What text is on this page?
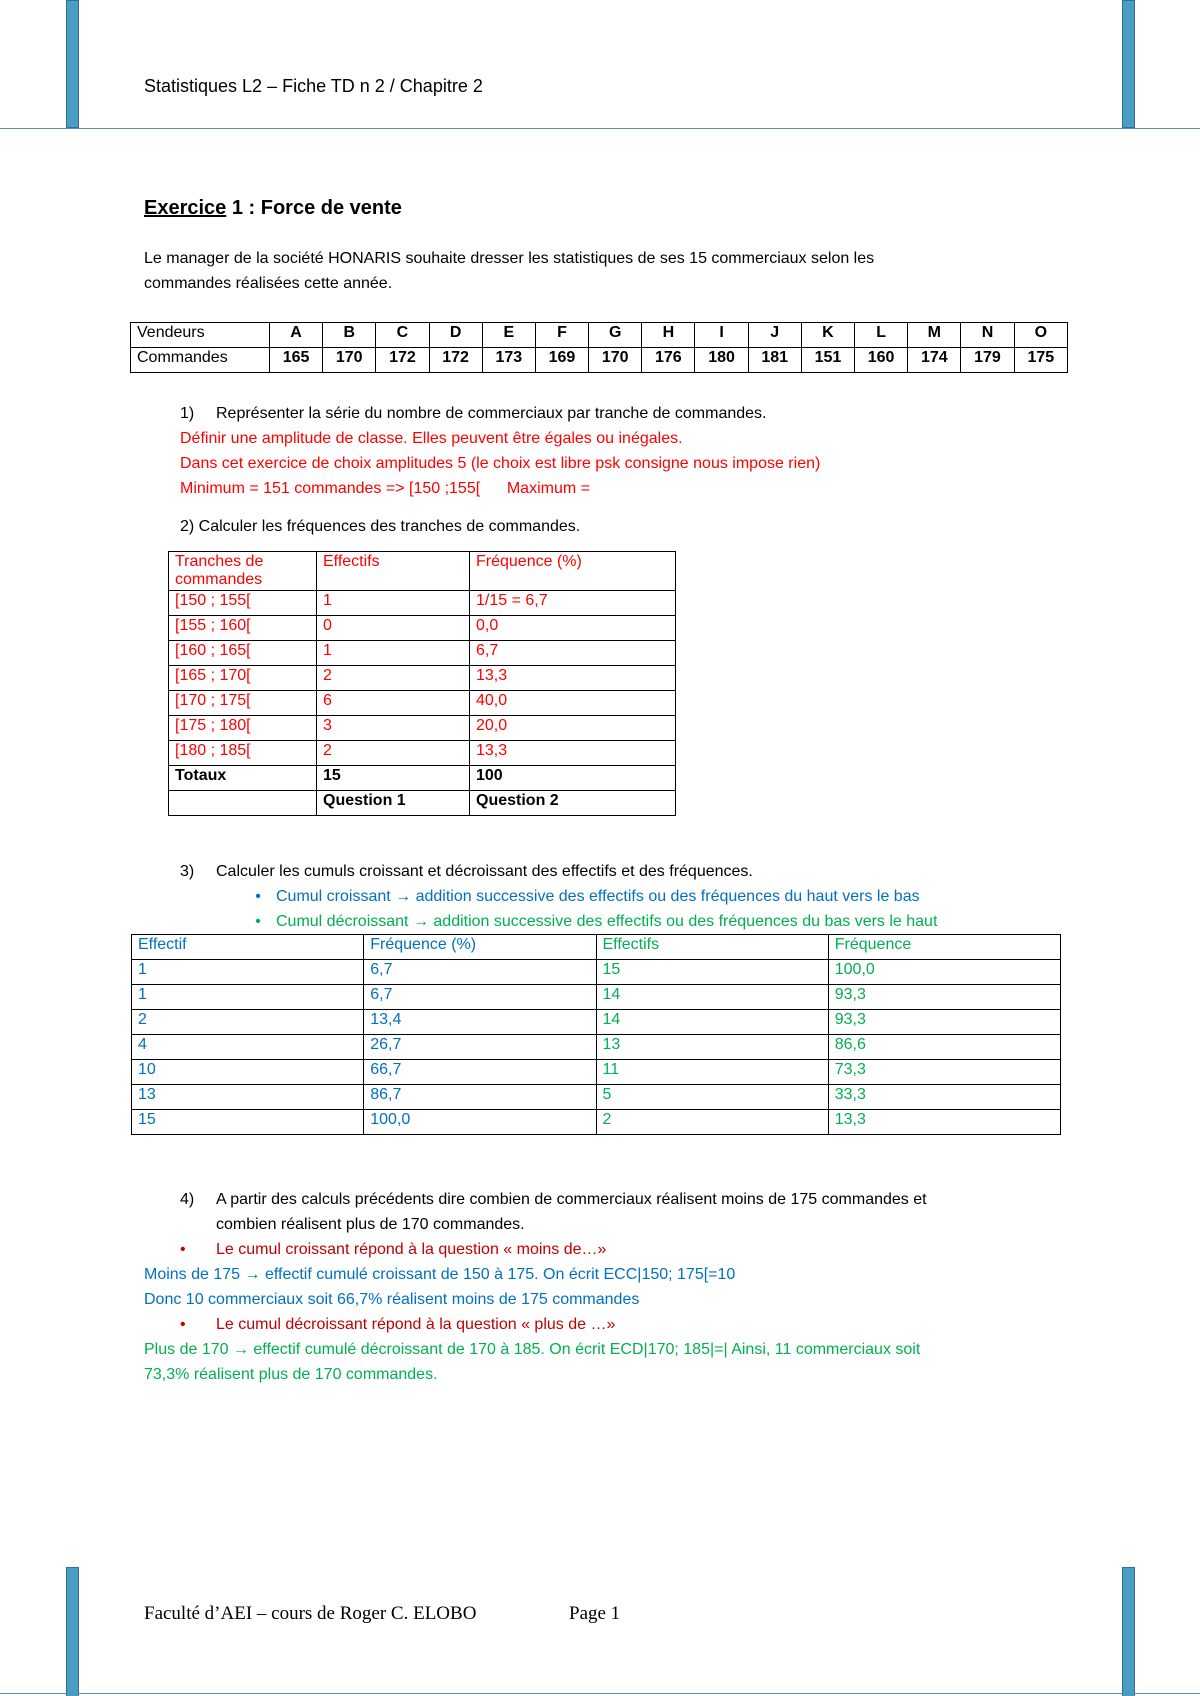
Statistiques L2 – Fiche TD n 2 / Chapitre 2
Exercice 1 : Force de vente
Le manager de la société HONARIS souhaite dresser les statistiques de ses 15 commerciaux selon les
commandes réalisées cette année.
Vendeurs	A	B	C	D	E	F	G	H	I	J	K	L	M	N	O
Commandes	165	170	172	172	173	169	170	176	180	181	151	160	174	179	175
1) Représenter la série du nombre de commerciaux par tranche de commandes.
Définir une amplitude de classe. Elles peuvent être égales ou inégales.
Dans cet exercice de choix amplitudes 5 (le choix est libre psk consigne nous impose rien)
Minimum = 151 commandes => [150 ;155[      Maximum =
2) Calculer les fréquences des tranches de commandes.
Tranches de commandes	Effectifs	Fréquence (%)
[150 ; 155[	1	1/15 = 6,7
[155 ; 160[	0	0,0
[160 ; 165[	1	6,7
[165 ; 170[	2	13,3
[170 ; 175[	6	40,0
[175 ; 180[	3	20,0
[180 ; 185[	2	13,3
Totaux	15	100
	Question 1	Question 2
3) Calculer les cumuls croissant et décroissant des effectifs et des fréquences.
• Cumul croissant → addition successive des effectifs ou des fréquences du haut vers le bas
• Cumul décroissant → addition successive des effectifs ou des fréquences du bas vers le haut
Effectif	Fréquence (%)	Effectifs	Fréquence
1	6,7	15	100,0
1	6,7	14	93,3
2	13,4	14	93,3
4	26,7	13	86,6
10	66,7	11	73,3
13	86,7	5	33,3
15	100,0	2	13,3
4) A partir des calculs précédents dire combien de commerciaux réalisent moins de 175 commandes et
combien réalisent plus de 170 commandes.
• Le cumul croissant répond à la question « moins de…»
Moins de 175 → effectif cumulé croissant de 150 à 175. On écrit ECC|150; 175[=10
Donc 10 commerciaux soit 66,7% réalisent moins de 175 commandes
• Le cumul décroissant répond à la question « plus de …»
Plus de 170 → effectif cumulé décroissant de 170 à 185. On écrit ECD|170; 185|=| Ainsi, 11 commerciaux soit
73,3% réalisent plus de 170 commandes.
Faculté d’AEI – cours de Roger C. ELOBO	Page 1
